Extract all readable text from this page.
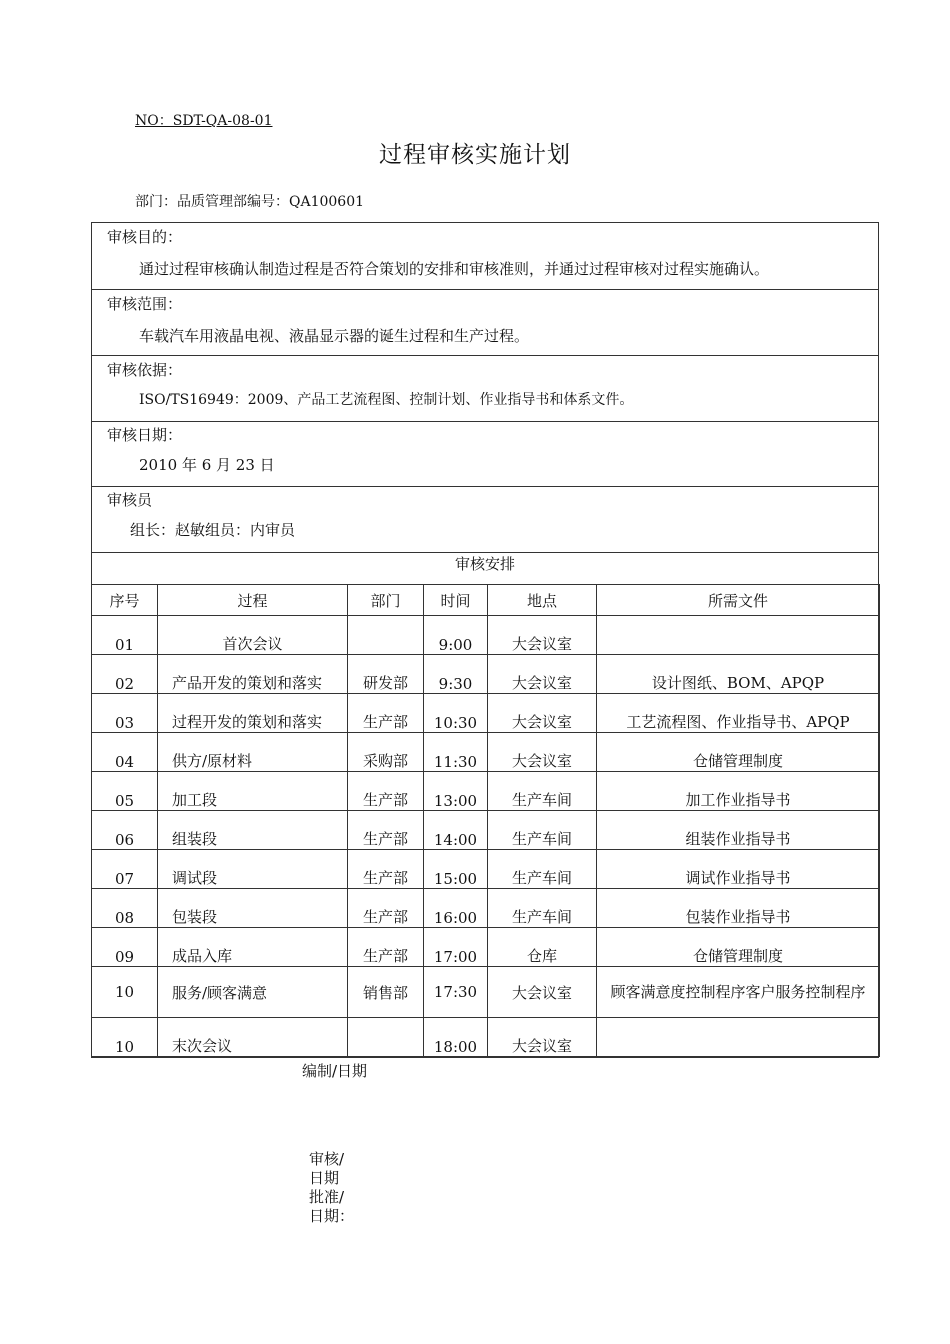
NO：SDT-QA-08-01
过程审核实施计划
部门：品质管理部编号：QA100601
审核目的：
通过过程审核确认制造过程是否符合策划的安排和审核准则，并通过过程审核对过程实施确认。
审核范围：
车载汽车用液晶电视、液晶显示器的诞生过程和生产过程。
审核依据：
ISO/TS16949：2009、产品工艺流程图、控制计划、作业指导书和体系文件。
审核日期：
2010 年 6 月 23 日
审核员
组长：赵敏组员：内审员
审核安排
序号	过程	部门	时间	地点	所需文件
01	首次会议		9:00	大会议室	
02	产品开发的策划和落实	研发部	9:30	大会议室	设计图纸、BOM、APQP
03	过程开发的策划和落实	生产部	10:30	大会议室	工艺流程图、作业指导书、APQP
04	供方/原材料	采购部	11:30	大会议室	仓储管理制度
05	加工段	生产部	13:00	生产车间	加工作业指导书
06	组装段	生产部	14:00	生产车间	组装作业指导书
07	调试段	生产部	15:00	生产车间	调试作业指导书
08	包装段	生产部	16:00	生产车间	包装作业指导书
09	成品入库	生产部	17:00	仓库	仓储管理制度
10	服务/顾客满意	销售部	17:30	大会议室	顾客满意度控制程序客户服务控制程序
10	末次会议		18:00	大会议室	
编制/日期
审核/
日期
批准/
日期：
